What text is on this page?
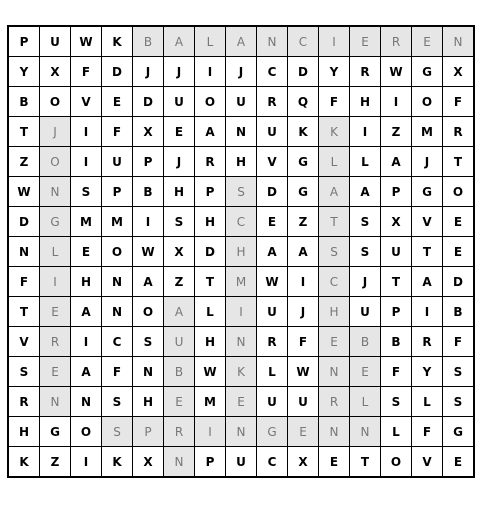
P	U	W	K	B	A	L	A	N	C	I	E	R	E	N
Y	X	F	D	J	J	I	J	C	D	Y	R	W	G	X
B	O	V	E	D	U	O	U	R	Q	F	H	I	O	F
T	J	I	F	X	E	A	N	U	K	K	I	Z	M	R
Z	O	I	U	P	J	R	H	V	G	L	L	A	J	T
W	N	S	P	B	H	P	S	D	G	A	A	P	G	O
D	G	M	M	I	S	H	C	E	Z	T	S	X	V	E
N	L	E	O	W	X	D	H	A	A	S	S	U	T	E
F	I	H	N	A	Z	T	M	W	I	C	J	T	A	D
T	E	A	N	O	A	L	I	U	J	H	U	P	I	B
V	R	I	C	S	U	H	N	R	F	E	B	B	R	F
S	E	A	F	N	B	W	K	L	W	N	E	F	Y	S
R	N	N	S	H	E	M	E	U	U	R	L	S	L	S
H	G	O	S	P	R	I	N	G	E	N	N	L	F	G
K	Z	I	K	X	N	P	U	C	X	E	T	O	V	E
